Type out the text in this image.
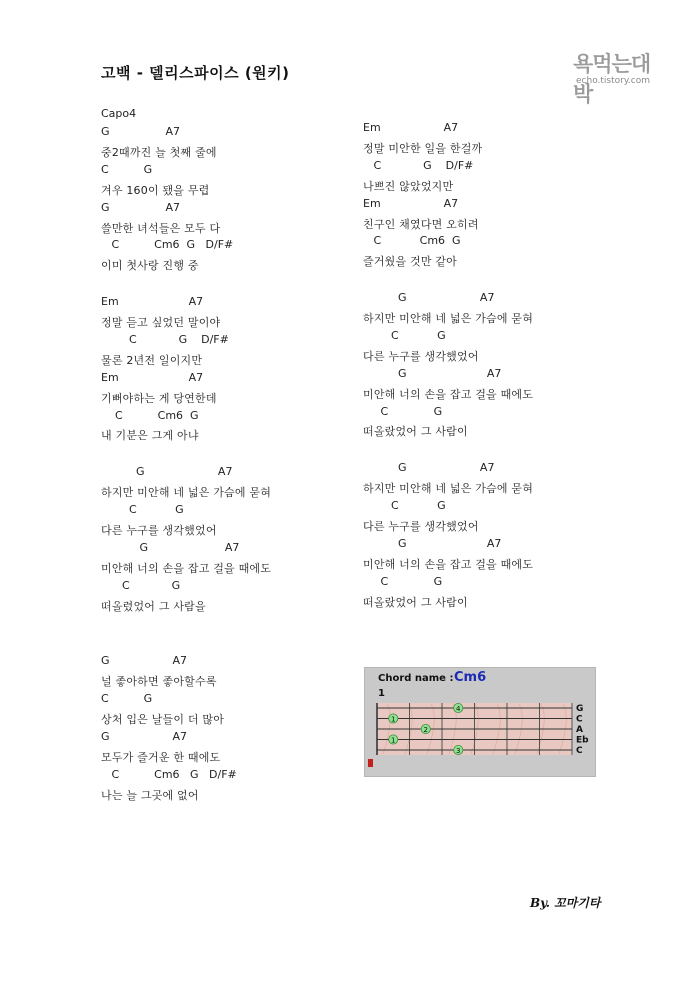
고백 - 델리스파이스 (원키)	욕먹는대박
echo.tistory.com
Capo4
G                A7
중2때까진 늘 첫째 줄에
C          G
겨우 160이 됐을 무렵
G                A7
쓸만한 녀석들은 모두 다
C          Cm6  G   D/F#
이미 첫사랑 진행 중
Em                    A7
정말 듣고 싶었던 말이야
C            G    D/F#
물론 2년전 일이지만
Em                    A7
기뻐야하는 게 당연한데
C          Cm6  G
내 기분은 그게 아냐
G                     A7
하지만 미안해 네 넓은 가슴에 묻혀
C           G
다른 누구를 생각했었어
G                      A7
미안해 너의 손을 잡고 걸을 때에도
C            G
떠올렸었어 그 사람을
G                  A7
널 좋아하면 좋아할수록
C          G
상처 입은 날들이 더 많아
G                  A7
모두가 즐거운 한 때에도
C          Cm6   G   D/F#
나는 늘 그곳에 없어
Em                  A7
정말 미안한 일을 한걸까
C            G    D/F#
나쁘진 않았었지만
Em                  A7
친구인 채였다면 오히려
C           Cm6  G
즐거웠을 것만 같아
G                     A7
하지만 미안해 네 넓은 가슴에 묻혀
C           G
다른 누구를 생각했었어
G                       A7
미안해 너의 손을 잡고 걸을 때에도
C             G
떠올랐었어 그 사람이
G                     A7
하지만 미안해 네 넓은 가슴에 묻혀
C           G
다른 누구를 생각했었어
G                       A7
미안해 너의 손을 잡고 걸을 때에도
C             G
떠올랐었어 그 사람이
Chord name : Cm6
1
G
C
A
Eb
C
4
1
2
1
3
By. 꼬마기타
